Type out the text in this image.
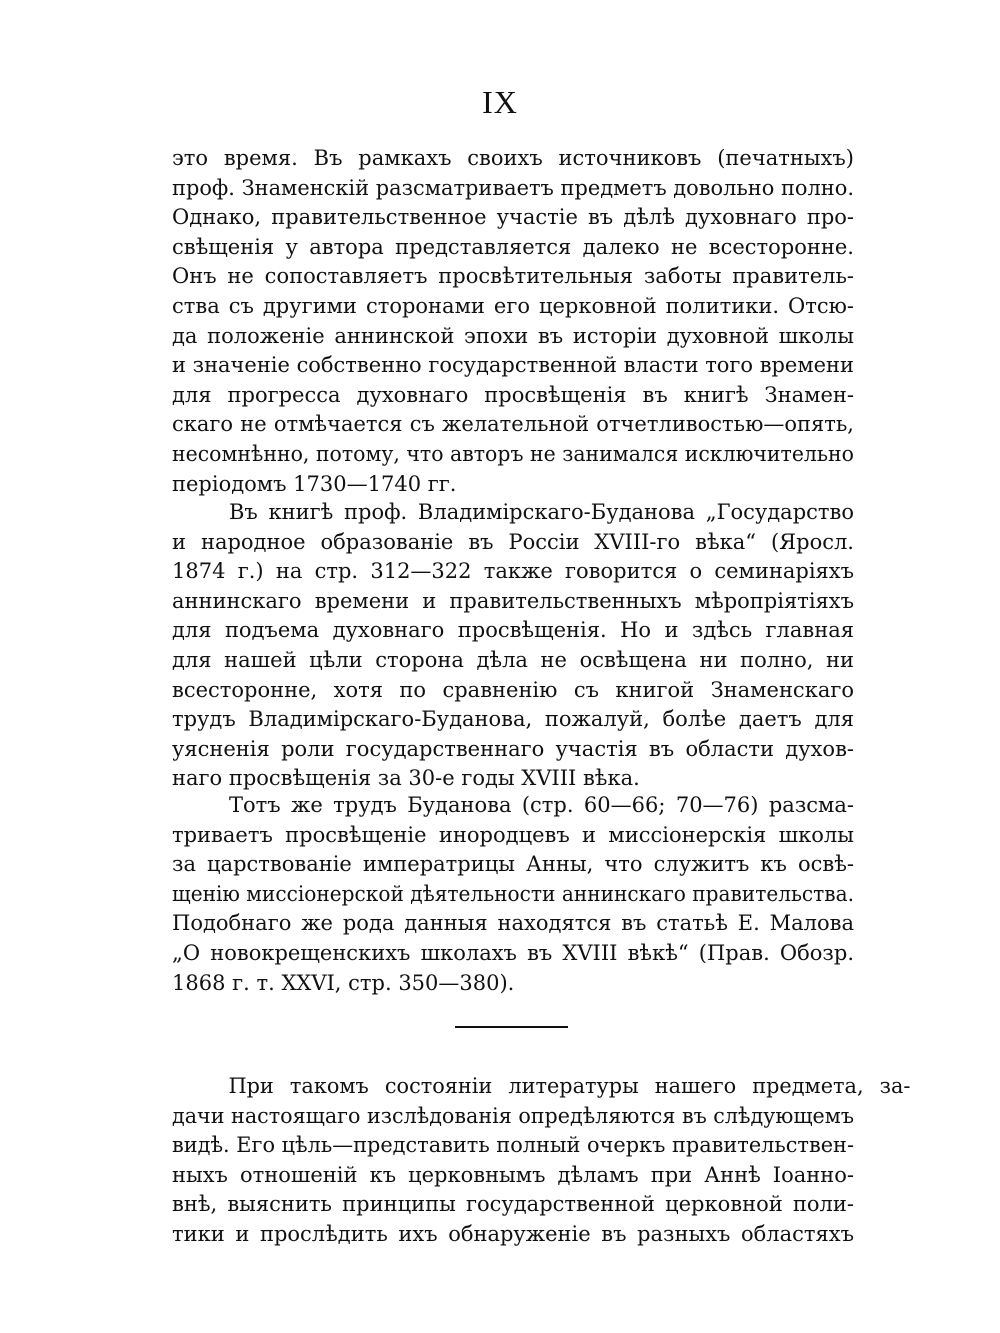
IX
это время. Въ рамкахъ своихъ источниковъ (печатныхъ)
проф. Знаменскій разсматриваетъ предметъ довольно полно.
Однако, правительственное участіе въ дѣлѣ духовнаго про-
свѣщенія у автора представляется далеко не всесторонне.
Онъ не сопоставляетъ просвѣтительныя заботы правитель-
ства съ другими сторонами его церковной политики. Отсю-
да положеніе аннинской эпохи въ исторіи духовной школы
и значеніе собственно государственной власти того времени
для прогресса духовнаго просвѣщенія въ книгѣ Знамен-
скаго не отмѣчается съ желательной отчетливостью—опять,
несомнѣнно, потому, что авторъ не занимался исключительно
періодомъ 1730—1740 гг.
Въ книгѣ проф. Владимірскаго-Буданова „Государство
и народное образованіе въ Россіи XVIII-го вѣка“ (Яросл.
1874 г.) на стр. 312—322 также говорится о семинаріяхъ
аннинскаго времени и правительственныхъ мѣропріятіяхъ
для подъема духовнаго просвѣщенія. Но и здѣсь главная
для нашей цѣли сторона дѣла не освѣщена ни полно, ни
всесторонне, хотя по сравненію съ книгой Знаменскаго
трудъ Владимірскаго-Буданова, пожалуй, болѣе даетъ для
уясненія роли государственнаго участія въ области духов-
наго просвѣщенія за 30-е годы XVIII вѣка.
Тотъ же трудъ Буданова (стр. 60—66; 70—76) разсма-
триваетъ просвѣщеніе инородцевъ и миссіонерскія школы
за царствованіе императрицы Анны, что служитъ къ освѣ-
щенію миссіонерской дѣятельности аннинскаго правительства.
Подобнаго же рода данныя находятся въ статьѣ Е. Малова
„О новокрещенскихъ школахъ въ XVIII вѣкѣ“ (Прав. Обозр.
1868 г. т. XXVI, стр. 350—380).
При такомъ состояніи литературы нашего предмета, за-
дачи настоящаго изслѣдованія опредѣляются въ слѣдующемъ
видѣ. Его цѣль—представить полный очеркъ правительствен-
ныхъ отношеній къ церковнымъ дѣламъ при Аннѣ Іоанно-
внѣ, выяснить принципы государственной церковной поли-
тики и прослѣдить ихъ обнаруженіе въ разныхъ областяхъ
